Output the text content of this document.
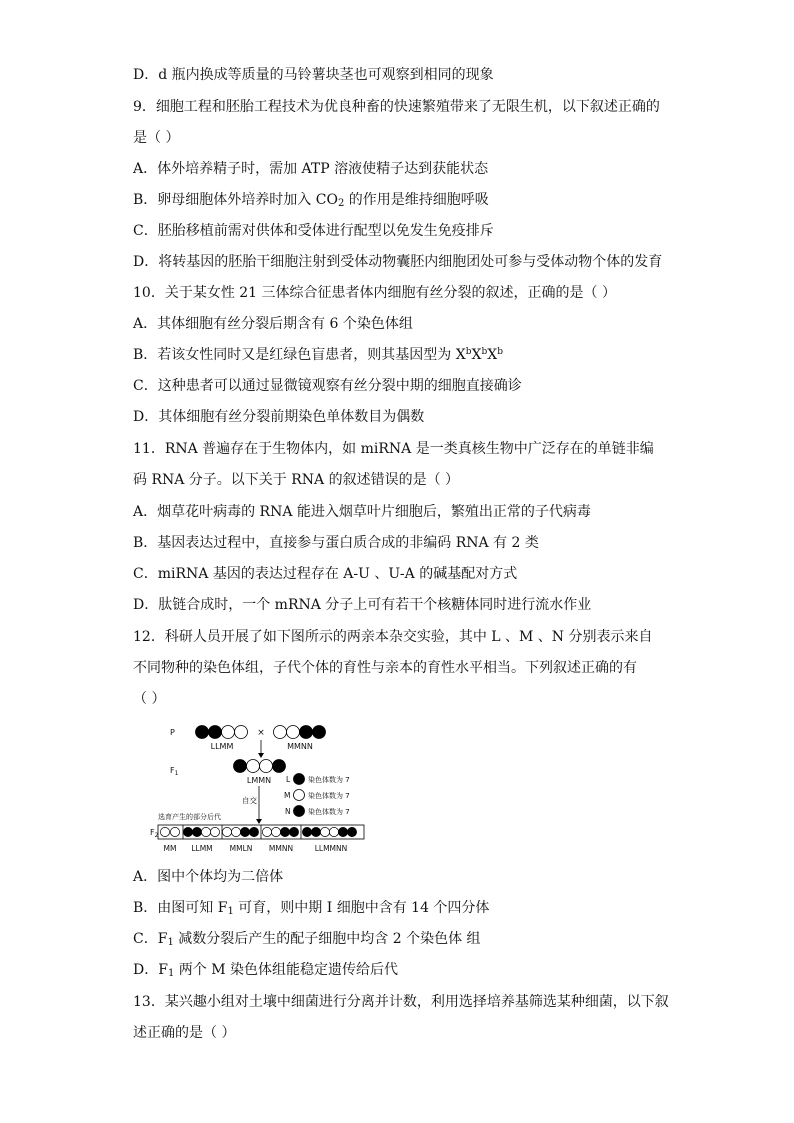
D．d 瓶内换成等质量的马铃薯块茎也可观察到相同的现象
9．细胞工程和胚胎工程技术为优良种畜的快速繁殖带来了无限生机，以下叙述正确的
是（ ）
A．体外培养精子时，需加 ATP 溶液使精子达到获能状态
B．卵母细胞体外培养时加入 $CO_2$ 的作用是维持细胞呼吸
C．胚胎移植前需对供体和受体进行配型以免发生免疫排斥
D．将转基因的胚胎干细胞注射到受体动物囊胚内细胞团处可参与受体动物个体的发育
10．关于某女性 21 三体综合征患者体内细胞有丝分裂的叙述，正确的是（ ）
A．其体细胞有丝分裂后期含有 6 个染色体组
B．若该女性同时又是红绿色盲患者，则其基因型为 $X^bX^bX^b$
C．这种患者可以通过显微镜观察有丝分裂中期的细胞直接确诊
D．其体细胞有丝分裂前期染色单体数目为偶数
11．RNA 普遍存在于生物体内，如 miRNA 是一类真核生物中广泛存在的单链非编
码 RNA 分子。以下关于 RNA 的叙述错误的是（ ）
A．烟草花叶病毒的 RNA 能进入烟草叶片细胞后，繁殖出正常的子代病毒
B．基因表达过程中，直接参与蛋白质合成的非编码 RNA 有 2 类
C．miRNA 基因的表达过程存在 A-U 、U-A 的碱基配对方式
D．肽链合成时，一个 mRNA 分子上可有若干个核糖体同时进行流水作业
12．科研人员开展了如下图所示的两亲本杂交实验，其中 L 、M 、N 分别表示来自
不同物种的染色体组，子代个体的育性与亲本的育性水平相当。下列叙述正确的有
（ ）
P	×
LLMM	MMNN
$F_1$
LMMN L	染色体数为 7
M	染色体数为 7
N 染色体数为 7
自交
选育产生的部分后代
$F_2$
MM LLMM MMLN MMNN	LLMMNN
A．图中个体均为二倍体
B．由图可知 $F_1$ 可育，则中期 Ⅰ 细胞中含有 14 个四分体
C．$F_1$ 减数分裂后产生的配子细胞中均含 2 个染色体 组
D．$F_1$ 两个 M 染色体组能稳定遗传给后代
13．某兴趣小组对土壤中细菌进行分离并计数，利用选择培养基筛选某种细菌，以下叙
述正确的是（ ）
